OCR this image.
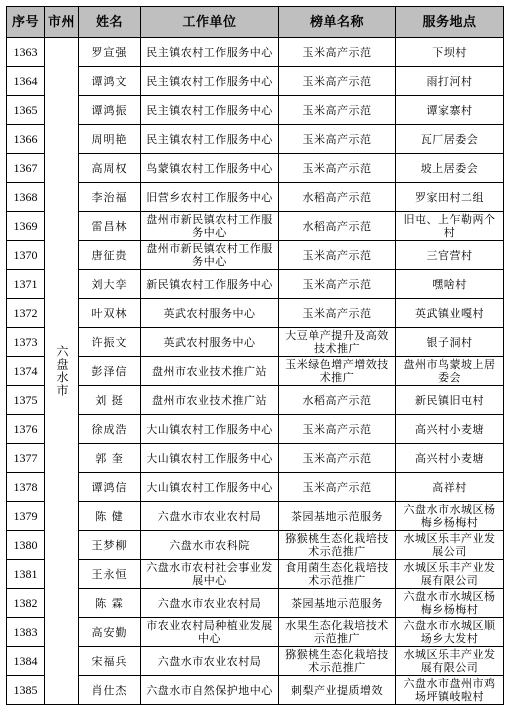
序号	市州	姓名	工作单位	榜单名称	服务地点
1363	六盘水市	罗宣强	民主镇农村工作服务中心	玉米高产示范	下坝村
1364		谭鸿文	民主镇农村工作服务中心	玉米高产示范	雨打河村
1365		谭鸿振	民主镇农村工作服务中心	玉米高产示范	谭家寨村
1366		周明艳	民主镇农村工作服务中心	玉米高产示范	瓦厂居委会
1367		高周权	鸟蒙镇农村工作服务中心	玉米高产示范	坡上居委会
1368		李治福	旧营乡农村工作服务中心	水稻高产示范	罗家田村二组
1369		雷昌林	盘州市新民镇农村工作服务中心	水稻高产示范	旧屯、上乍勒两个村
1370		唐征贵	盘州市新民镇农村工作服务中心	玉米高产示范	三官营村
1371		刘大孪	新民镇农村工作服务中心	玉米高产示范	嘿啥村
1372		叶双林	英武农村服务中心	玉米高产示范	英武镇业嘎村
1373		许振文	英武农村服务中心	大豆单产提升及高效技术推广	银子洞村
1374		彭泽信	盘州市农业技术推广站	玉米绿色增产增效技术推广	盘州市鸟蒙坡上居委会
1375		刘 挺	盘州市农业技术推广站	水稻高产示范	新民镇旧屯村
1376		徐成浩	大山镇农村工作服务中心	玉米高产示范	高兴村小麦塘
1377		郭 奎	大山镇农村工作服务中心	玉米高产示范	高兴村小麦塘
1378		谭鸿信	大山镇农村工作服务中心	玉米高产示范	高祥村
1379		陈 健	六盘水市农业农村局	茶园基地示范服务	六盘水市水城区杨梅乡杨梅村
1380		王梦柳	六盘水市农科院	猕猴桃生态化栽培技术示范推广	水城区乐丰产业发展公司
1381		王永恒	六盘水市农村社会事业发展中心	食用菌生态化栽培技术示范推广	水城区乐丰产业发展有限公司
1382		陈 霖	六盘水市农业农村局	茶园基地示范服务	六盘水市水城区杨梅乡杨梅村
1383		高安勤	市农业农村局种植业发展中心	水果生态化栽培技术示范推广	六盘水市水城区顺场乡大发村
1384		宋福兵	六盘水市农业农村局	猕猴桃生态化栽培技术示范推广	水城区乐丰产业发展有限公司
1385		肖仕杰	六盘水市自然保护地中心	刺梨产业提质增效	六盘水市盘州市鸡场坪镇岐啦村
